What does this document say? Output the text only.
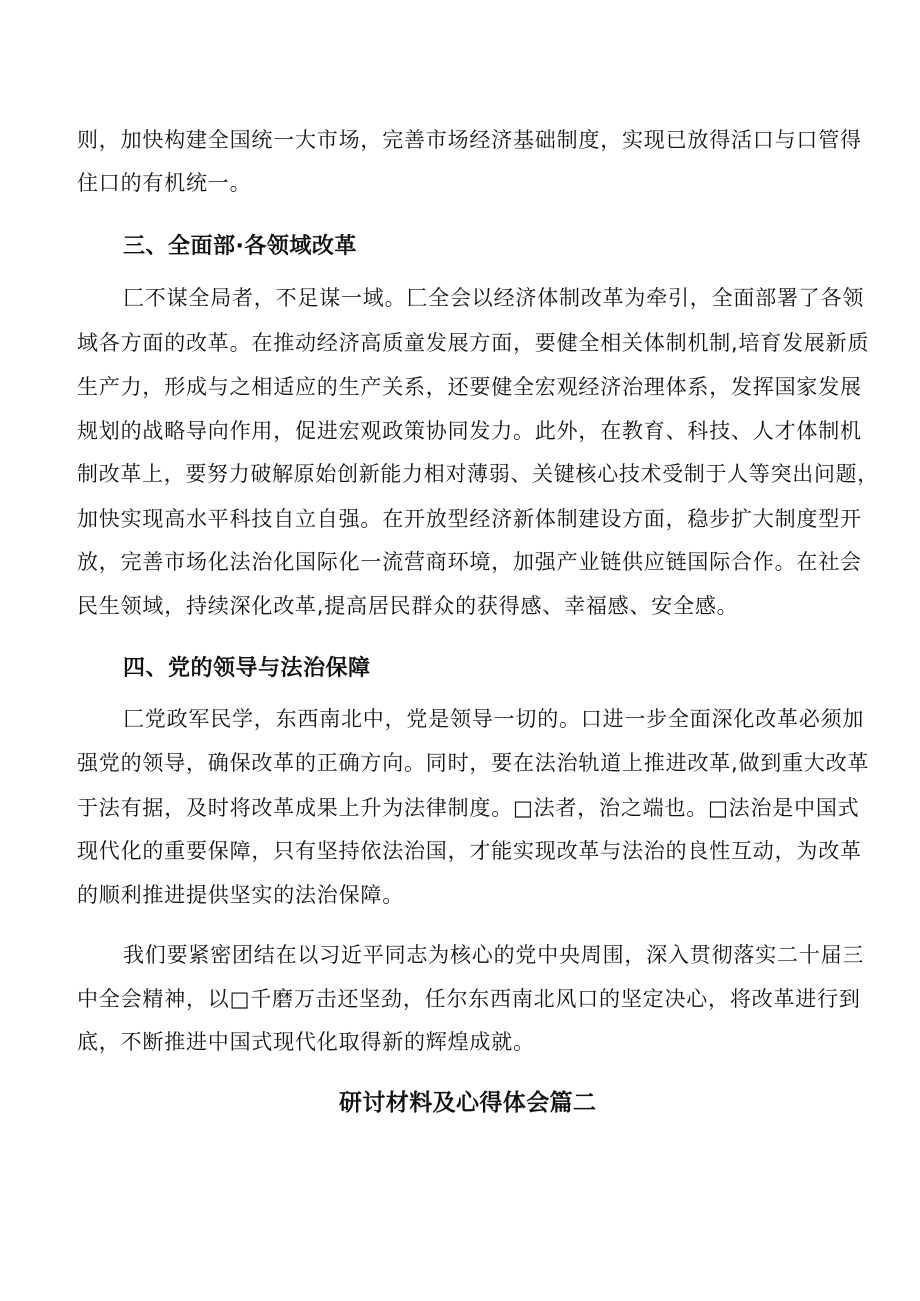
则，加快构建全国统一大市场，完善市场经济基础制度，实现已放得活口与口管得

住口的有机统一。

三、全面部·各领域改革

匚不谋全局者，不足谋一域。匚全会以经济体制改革为牵引，全面部署了各领

域各方面的改革。在推动经济高质童发展方面，要健全相关体制机制,培育发展新质

生产力，形成与之相适应的生产关系，还要健全宏观经济治理体系，发挥国家发展

规划的战略导向作用，促进宏观政策协同发力。此外，在教育、科技、人才体制机

制改革上，要努力破解原始创新能力相对薄弱、关键核心技术受制于人等突出问题，

加快实现高水平科技自立自强。在开放型经济新体制建设方面，稳步扩大制度型开

放，完善市场化法治化国际化一流营商环境，加强产业链供应链国际合作。在社会

民生领域，持续深化改革,提高居民群众的获得感、幸福感、安全感。

四、党的领导与法治保障

匚党政军民学，东西南北中，党是领导一切的。口进一步全面深化改革必须加

强党的领导，确保改革的正确方向。同时，要在法治轨道上推进改革,做到重大改革

于法有据，及时将改革成果上升为法律制度。□法者，治之端也。□法治是中国式

现代化的重要保障，只有坚持依法治国，才能实现改革与法治的良性互动，为改革

的顺利推进提供坚实的法治保障。

我们要紧密团结在以习近平同志为核心的党中央周围，深入贯彻落实二十届三

中全会精神，以□千磨万击还坚劲，任尔东西南北风口的坚定决心，将改革进行到

底，不断推进中国式现代化取得新的辉煌成就。

研讨材料及心得体会篇二
